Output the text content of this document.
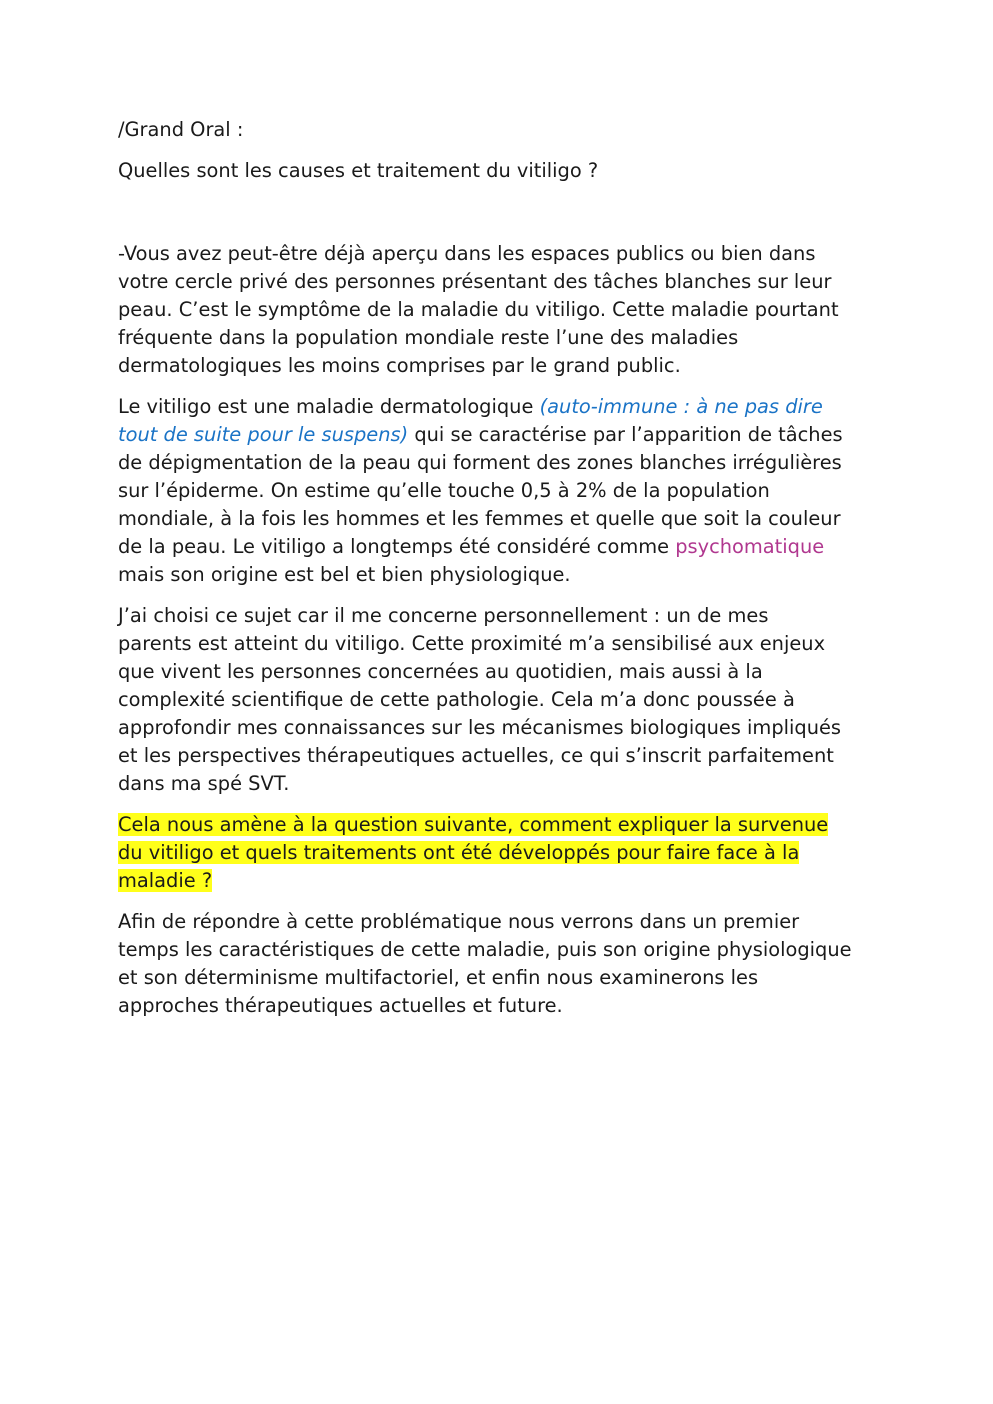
/Grand Oral :

Quelles sont les causes et traitement du vitiligo ?

-Vous avez peut-être déjà aperçu dans les espaces publics ou bien dans
votre cercle privé des personnes présentant des tâches blanches sur leur
peau. C’est le symptôme de la maladie du vitiligo. Cette maladie pourtant
fréquente dans la population mondiale reste l’une des maladies
dermatologiques les moins comprises par le grand public.

Le vitiligo est une maladie dermatologique (auto-immune : à ne pas dire
tout de suite pour le suspens) qui se caractérise par l’apparition de tâches
de dépigmentation de la peau qui forment des zones blanches irrégulières
sur l’épiderme. On estime qu’elle touche 0,5 à 2% de la population
mondiale, à la fois les hommes et les femmes et quelle que soit la couleur
de la peau. Le vitiligo a longtemps été considéré comme psychomatique
mais son origine est bel et bien physiologique.

J’ai choisi ce sujet car il me concerne personnellement : un de mes
parents est atteint du vitiligo. Cette proximité m’a sensibilisé aux enjeux
que vivent les personnes concernées au quotidien, mais aussi à la
complexité scientifique de cette pathologie. Cela m’a donc poussée à
approfondir mes connaissances sur les mécanismes biologiques impliqués
et les perspectives thérapeutiques actuelles, ce qui s’inscrit parfaitement
dans ma spé SVT.

Cela nous amène à la question suivante, comment expliquer la survenue
du vitiligo et quels traitements ont été développés pour faire face à la
maladie ?

Afin de répondre à cette problématique nous verrons dans un premier
temps les caractéristiques de cette maladie, puis son origine physiologique
et son déterminisme multifactoriel, et enfin nous examinerons les
approches thérapeutiques actuelles et future.
